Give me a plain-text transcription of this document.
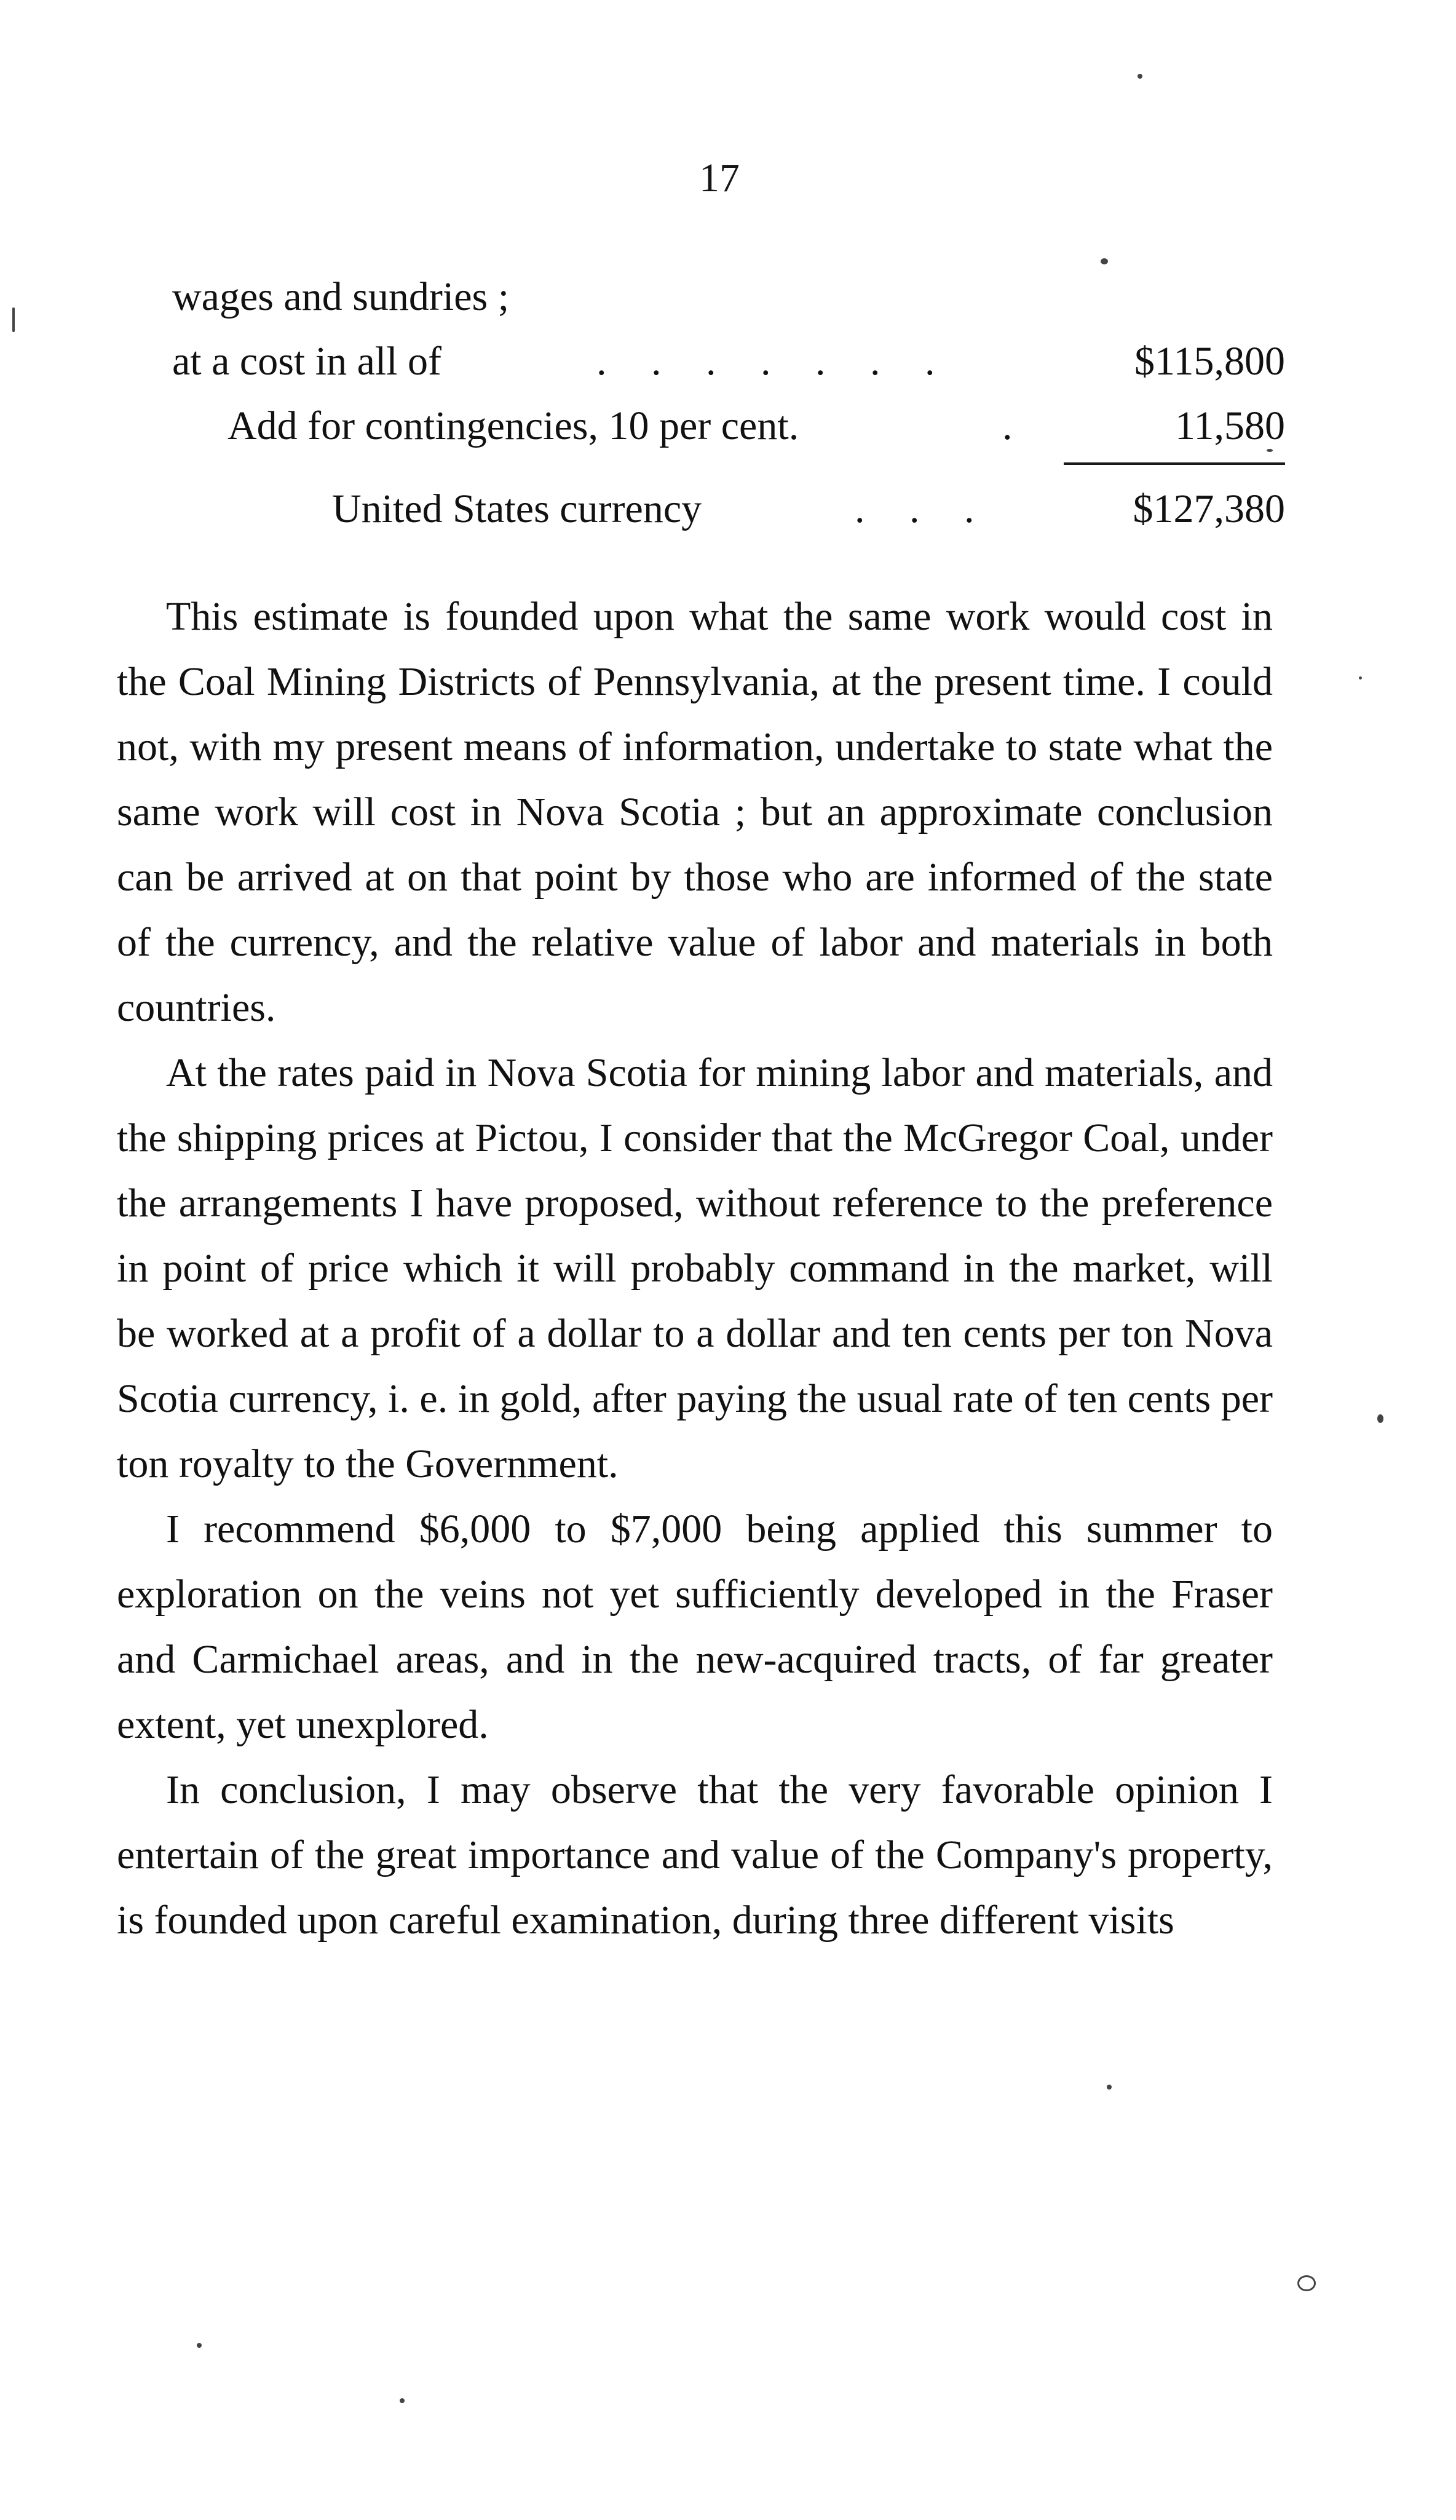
17
wages and sundries ;
at a cost in all of	. . . . . . .	$115,800
Add for contingencies, 10 per cent.	.	11,580
United States currency	. . .	$127,380

This estimate is founded upon what the same work would cost in the Coal Mining Districts of Pennsylvania, at the present time. I could not, with my present means of information, undertake to state what the same work will cost in Nova Scotia ; but an approximate conclusion can be arrived at on that point by those who are informed of the state of the currency, and the relative value of labor and materials in both countries.

At the rates paid in Nova Scotia for mining labor and materials, and the shipping prices at Pictou, I consider that the McGregor Coal, under the arrangements I have proposed, without reference to the preference in point of price which it will probably command in the market, will be worked at a profit of a dollar to a dollar and ten cents per ton Nova Scotia currency, i. e. in gold, after paying the usual rate of ten cents per ton royalty to the Government.

I recommend $6,000 to $7,000 being applied this summer to exploration on the veins not yet sufficiently developed in the Fraser and Carmichael areas, and in the new-acquired tracts, of far greater extent, yet unexplored.

In conclusion, I may observe that the very favorable opinion I entertain of the great importance and value of the Company's property, is founded upon careful examination, during three different visits
